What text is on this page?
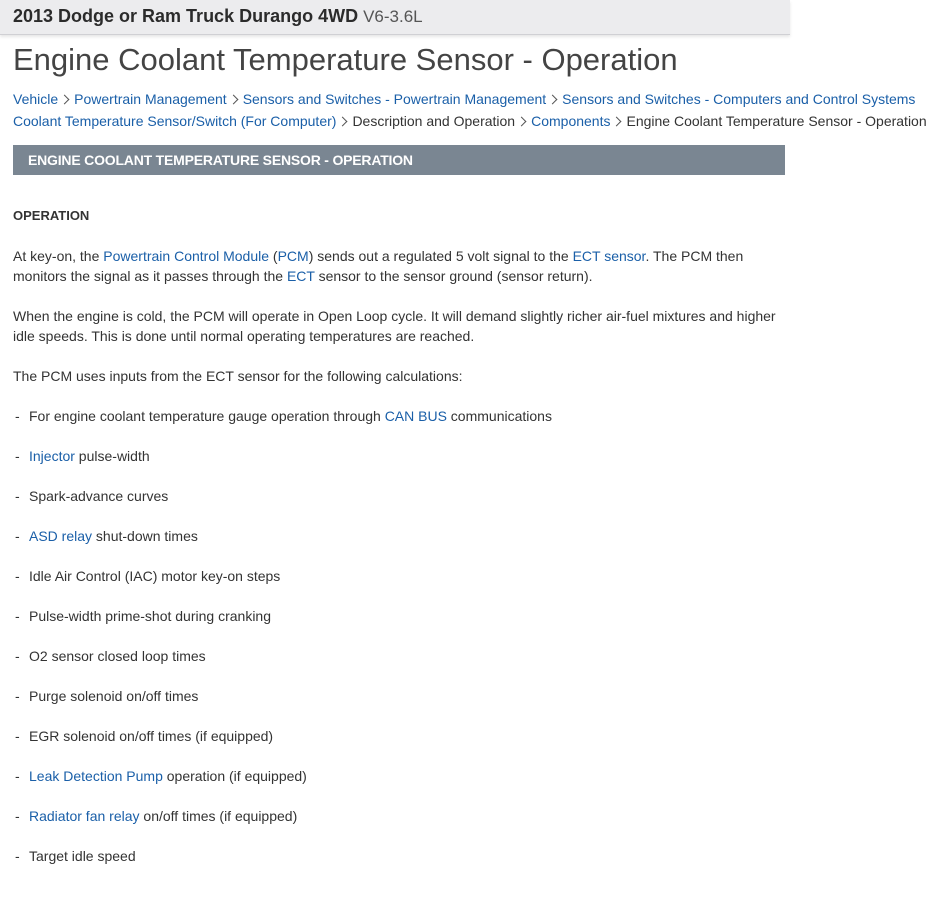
2013 Dodge or Ram Truck Durango 4WD V6-3.6L
Engine Coolant Temperature Sensor - Operation
Vehicle Powertrain Management Sensors and Switches - Powertrain Management Sensors and Switches - Computers and Control Systems
Coolant Temperature Sensor/Switch (For Computer) Description and Operation Components Engine Coolant Temperature Sensor - Operation
ENGINE COOLANT TEMPERATURE SENSOR - OPERATION
OPERATION

At key-on, the Powertrain Control Module (PCM) sends out a regulated 5 volt signal to the ECT sensor. The PCM then monitors the signal as it passes through the ECT sensor to the sensor ground (sensor return).

When the engine is cold, the PCM will operate in Open Loop cycle. It will demand slightly richer air-fuel mixtures and higher idle speeds. This is done until normal operating temperatures are reached.

The PCM uses inputs from the ECT sensor for the following calculations:

- For engine coolant temperature gauge operation through CAN BUS communications
- Injector pulse-width
- Spark-advance curves
- ASD relay shut-down times
- Idle Air Control (IAC) motor key-on steps
- Pulse-width prime-shot during cranking
- O2 sensor closed loop times
- Purge solenoid on/off times
- EGR solenoid on/off times (if equipped)
- Leak Detection Pump operation (if equipped)
- Radiator fan relay on/off times (if equipped)
- Target idle speed
